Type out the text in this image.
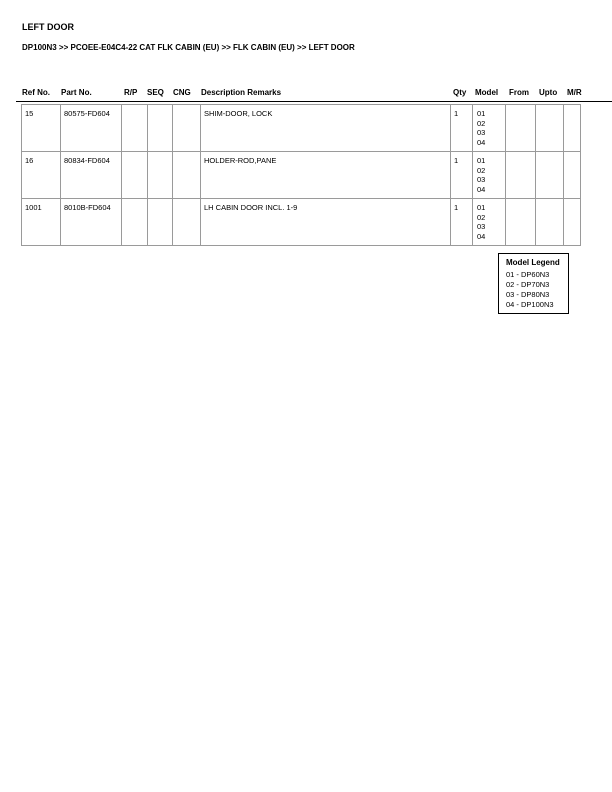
LEFT DOOR
DP100N3 >> PCOEE-E04C4-22 CAT FLK CABIN (EU) >> FLK CABIN (EU) >> LEFT DOOR
Ref No. Part No.	R/P SEQ CNG Description Remarks	Qty Model From Upto M/R
15	80575-FD604				SHIM-DOOR, LOCK	1	01
02
03
04			

16	80834-FD604				HOLDER-ROD,PANE	1	01
02
03
04			

1001	8010B-FD604				LH CABIN DOOR INCL. 1-9	1	01
02
03
04			

Model Legend
01 - DP60N3
02 - DP70N3
03 - DP80N3
04 - DP100N3
